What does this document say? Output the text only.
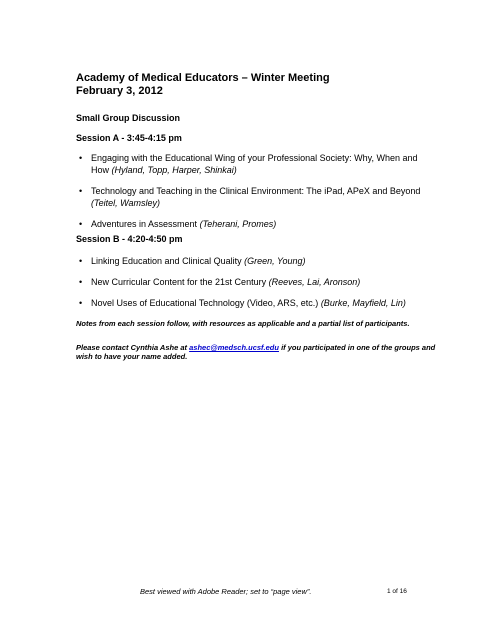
Academy of Medical Educators – Winter Meeting
February 3, 2012
Small Group Discussion
Session A - 3:45-4:15 pm
• Engaging with the Educational Wing of your Professional Society: Why, When and How (Hyland, Topp, Harper, Shinkai)
• Technology and Teaching in the Clinical Environment: The iPad, APeX and Beyond (Teitel, Wamsley)
• Adventures in Assessment (Teherani, Promes)
Session B - 4:20-4:50 pm
• Linking Education and Clinical Quality (Green, Young)
• New Curricular Content for the 21st Century (Reeves, Lai, Aronson)
• Novel Uses of Educational Technology (Video, ARS, etc.) (Burke, Mayfield, Lin)
Notes from each session follow, with resources as applicable and a partial list of participants.
Please contact Cynthia Ashe at ashec@medsch.ucsf.edu if you participated in one of the groups and wish to have your name added.
Best viewed with Adobe Reader; set to “page view”.	1 of 16
